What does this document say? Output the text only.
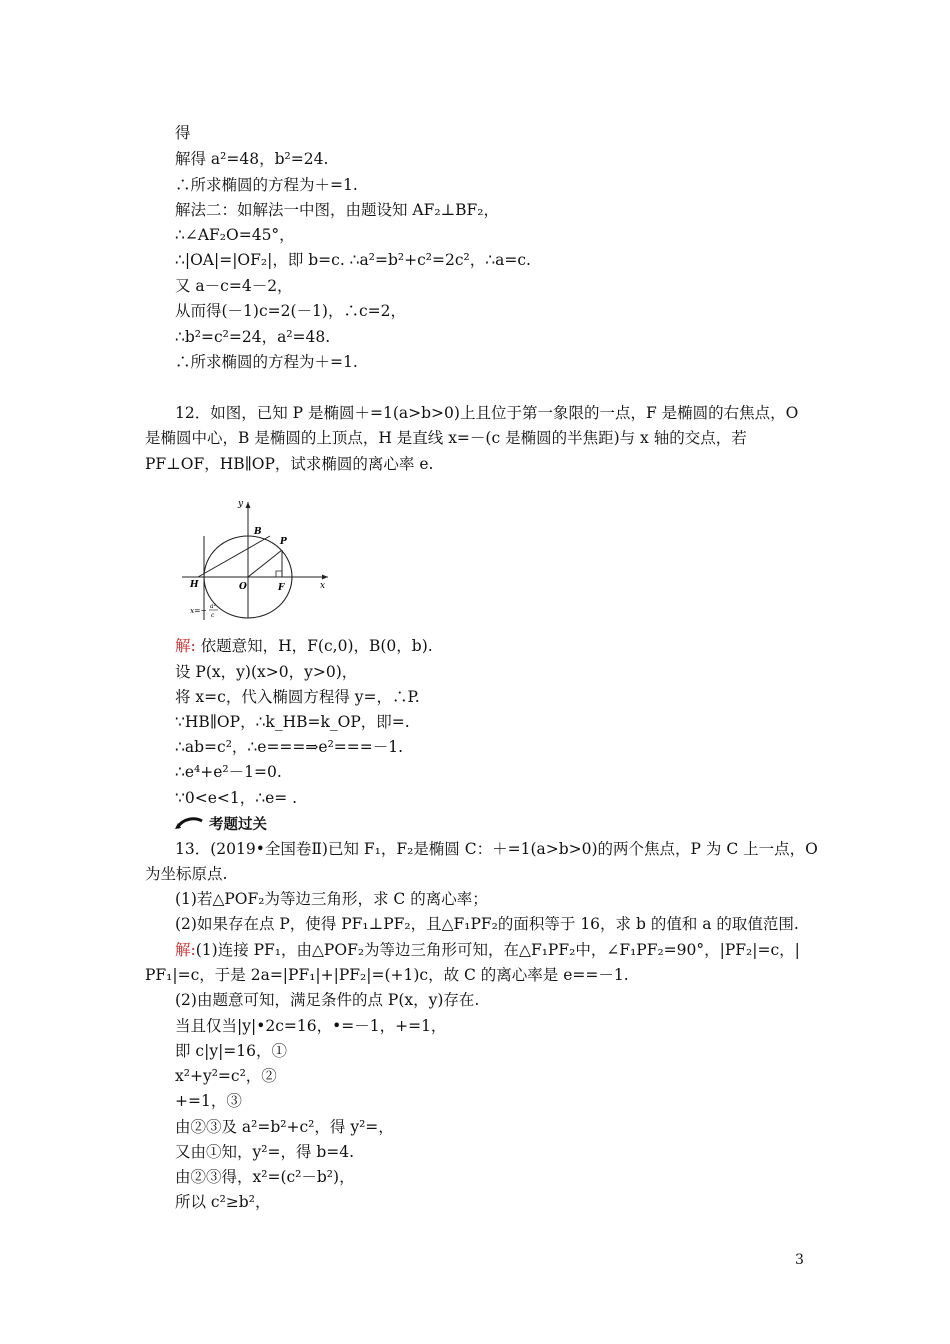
得
解得 a²=48，b²=24.
∴所求椭圆的方程为＋=1.
解法二：如解法一中图，由题设知 AF₂⊥BF₂，
∴∠AF₂O=45°，
∴|OA|=|OF₂|，即 b=c. ∴a²=b²+c²=2c²，∴a=c.
又 a－c=4－2，
从而得(－1)c=2(－1)，∴c=2，
∴b²=c²=24，a²=48.
∴所求椭圆的方程为＋=1.
12．如图，已知 P 是椭圆＋=1(a>b>0)上且位于第一象限的一点，F 是椭圆的右焦点，O
是椭圆中心，B 是椭圆的上顶点，H 是直线 x=－(c 是椭圆的半焦距)与 x 轴的交点，若
PF⊥OF，HB∥OP，试求椭圆的离心率 e.
y
x
B
P
O	F
H
x=− a²
c
解: 依题意知，H，F(c,0)，B(0，b).
设 P(x，y)(x>0，y>0)，
将 x=c，代入椭圆方程得 y=，∴P.
∵HB∥OP，∴k_HB=k_OP，即=.
∴ab=c²，∴e===⇒e²===－1.
∴e⁴+e²－1=0.
∵0<e<1，∴e= .
考题过关
13．(2019•全国卷Ⅱ)已知 F₁，F₂是椭圆 C：＋=1(a>b>0)的两个焦点，P 为 C 上一点，O
为坐标原点.
(1)若△POF₂为等边三角形，求 C 的离心率；
(2)如果存在点 P，使得 PF₁⊥PF₂，且△F₁PF₂的面积等于 16，求 b 的值和 a 的取值范围.
解:(1)连接 PF₁，由△POF₂为等边三角形可知，在△F₁PF₂中，∠F₁PF₂=90°，|PF₂|=c，|
PF₁|=c，于是 2a=|PF₁|+|PF₂|=(+1)c，故 C 的离心率是 e==－1.
(2)由题意可知，满足条件的点 P(x，y)存在.
当且仅当|y|•2c=16，•=－1，+=1，
即 c|y|=16，①
x²+y²=c²，②
+=1，③
由②③及 a²=b²+c²，得 y²=，
又由①知，y²=，得 b=4.
由②③得，x²=(c²－b²)，
所以 c²≥b²，
3
